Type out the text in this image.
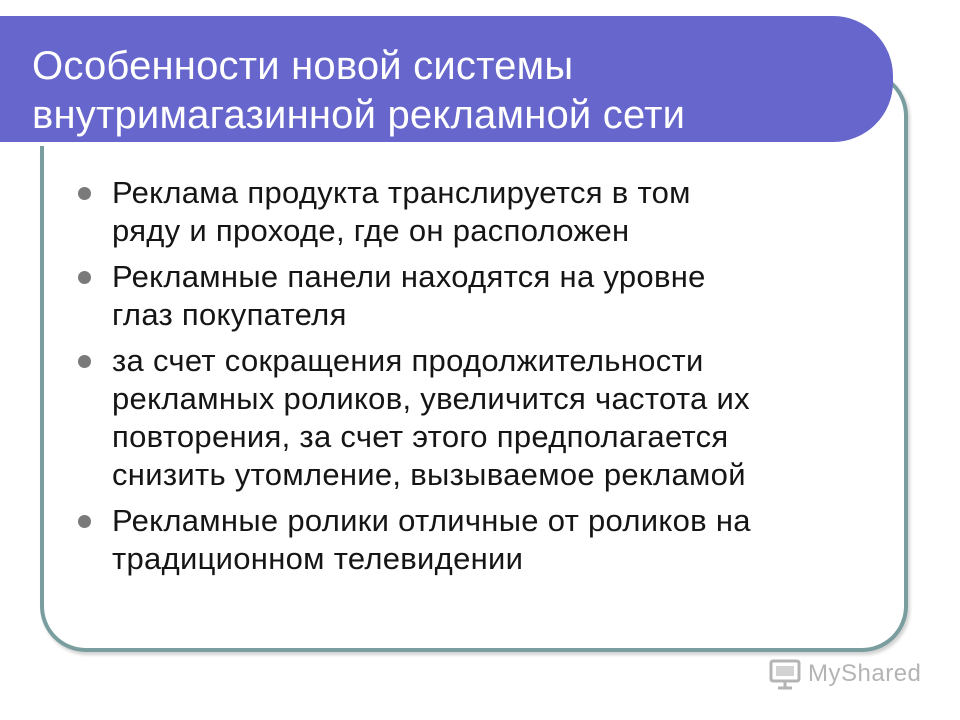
Особенности новой системы
внутримагазинной рекламной сети
Реклама продукта транслируется в том
ряду и проходе, где он расположен
Рекламные панели находятся на уровне
глаз покупателя
за счет сокращения продолжительности
рекламных роликов, увеличится частота их
повторения, за счет этого предполагается
снизить утомление, вызываемое рекламой
Рекламные ролики отличные от роликов на
традиционном телевидении
MyShared
